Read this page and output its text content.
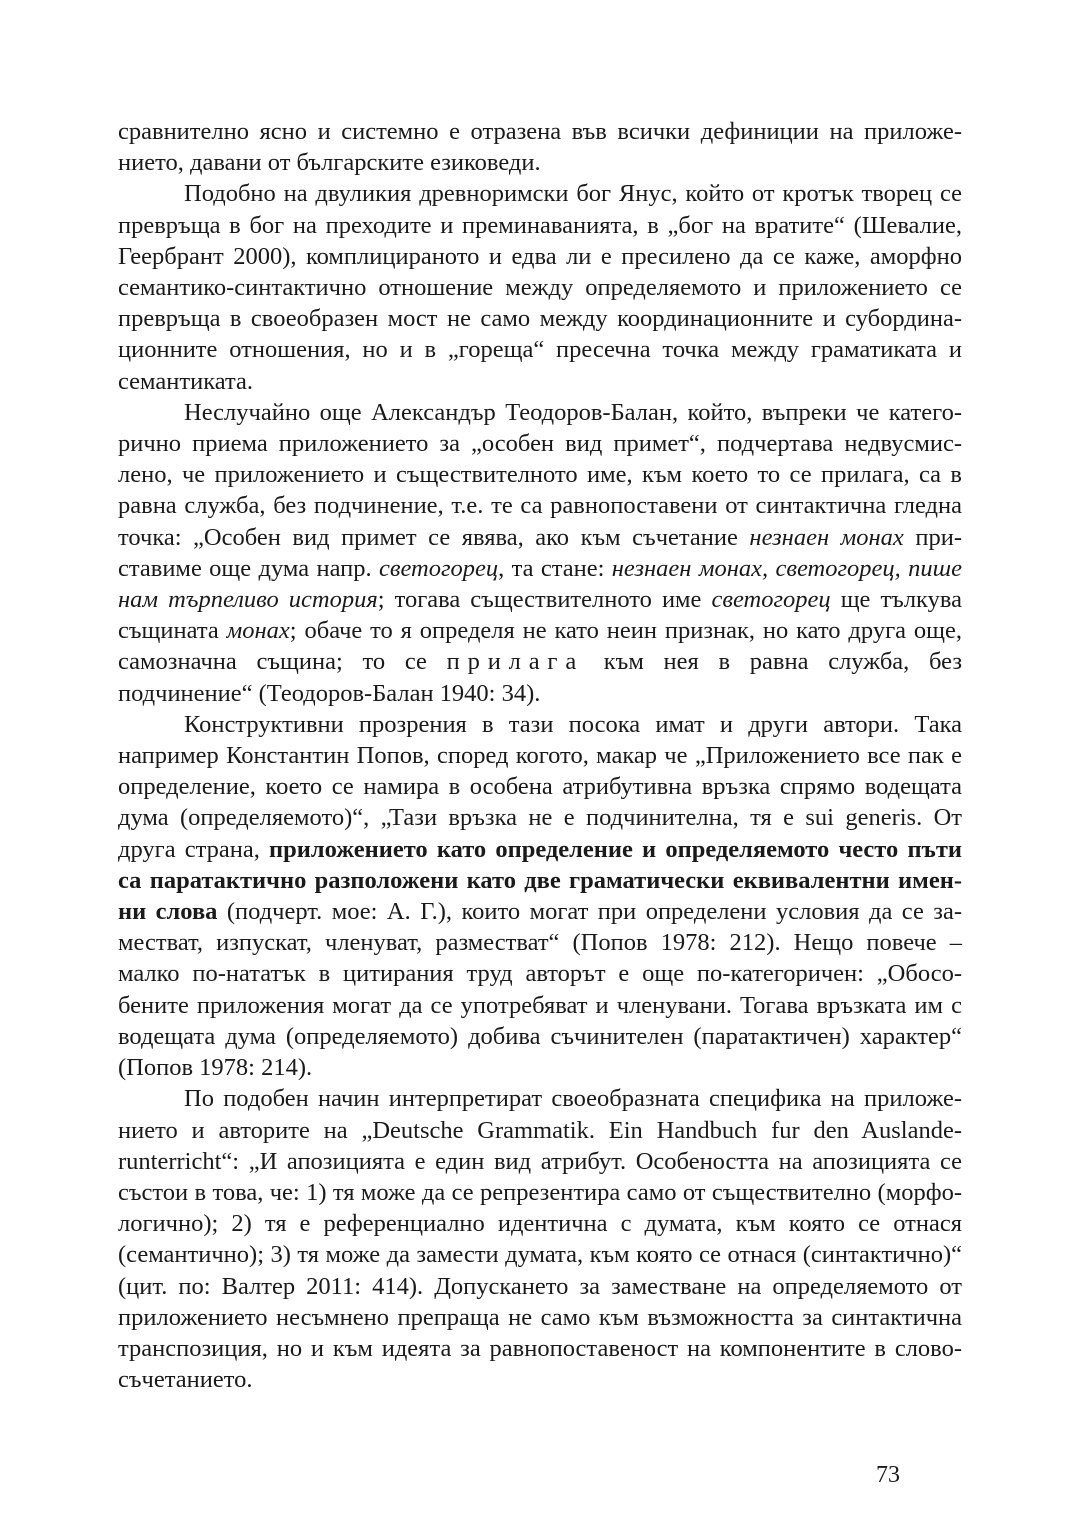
сравнително ясно и системно е отразена във всички дефиниции на приложението, давани от българските езиковеди.

Подобно на двуликия древноримски бог Янус, който от кротък творец се превръща в бог на преходите и преминаванията, в „бог на вратите“ (Шевалие, Геербрант 2000), комплицираното и едва ли е пресилено да се каже, аморфно семантико-синтактично отношение между определяемото и приложението се превръща в своеобразен мост не само между координационните и субординационните отношения, но и в „гореща“ пресечна точка между граматиката и семантиката.

Неслучайно още Александър Теодоров-Балан, който, въпреки че категорично приема приложението за „особен вид примет“, подчертава недвусмислено, че приложението и съществителното име, към което то се прилага, са в равна служба, без подчинение, т.е. те са равнопоставени от синтактична гледна точка: „Особен вид примет се явява, ако към съчетание незнаен монах приставиме още дума напр. светогорец, та стане: незнаен монах, светогорец, пише нам търпеливо история; тогава съществителното име светогорец ще тълкува същината монах; обаче то я определя не като неин признак, но като друга още, самозначна същина; то се прилага към нея в равна служба, без подчинение“ (Теодоров-Балан 1940: 34).

Конструктивни прозрения в тази посока имат и други автори. Така например Константин Попов, според когото, макар че „Приложението все пак е определение, което се намира в особена атрибутивна връзка спрямо водещата дума (определяемото)“, „Тази връзка не е подчинителна, тя е sui generis. От друга страна, приложението като определение и определяемото често пъти са паратактично разположени като две граматически еквивалентни именни слова (подчерт. мое: А. Г.), които могат при определени условия да се заместват, изпускат, членуват, разместват“ (Попов 1978: 212). Нещо повече – малко по-нататък в цитирания труд авторът е още по-категоричен: „Обособените приложения могат да се употребяват и членувани. Тогава връзката им с водещата дума (определяемото) добива съчинителен (паратактичен) характер“ (Попов 1978: 214).

По подобен начин интерпретират своеобразната специфика на приложението и авторите на „Deutsche Grammatik. Ein Handbuch fur den Auslanderunterricht“: „И апозицията е един вид атрибут. Особеността на апозицията се състои в това, че: 1) тя може да се репрезентира само от съществително (морфологично); 2) тя е референциално идентична с думата, към която се отнася (семантично); 3) тя може да замести думата, към която се отнася (синтактично)“ (цит. по: Валтер 2011: 414). Допускането за заместване на определяемото от приложението несъмнено препраща не само към възможността за синтактична транспозиция, но и към идеята за равнопоставеност на компонентите в словосъчетанието.

73
